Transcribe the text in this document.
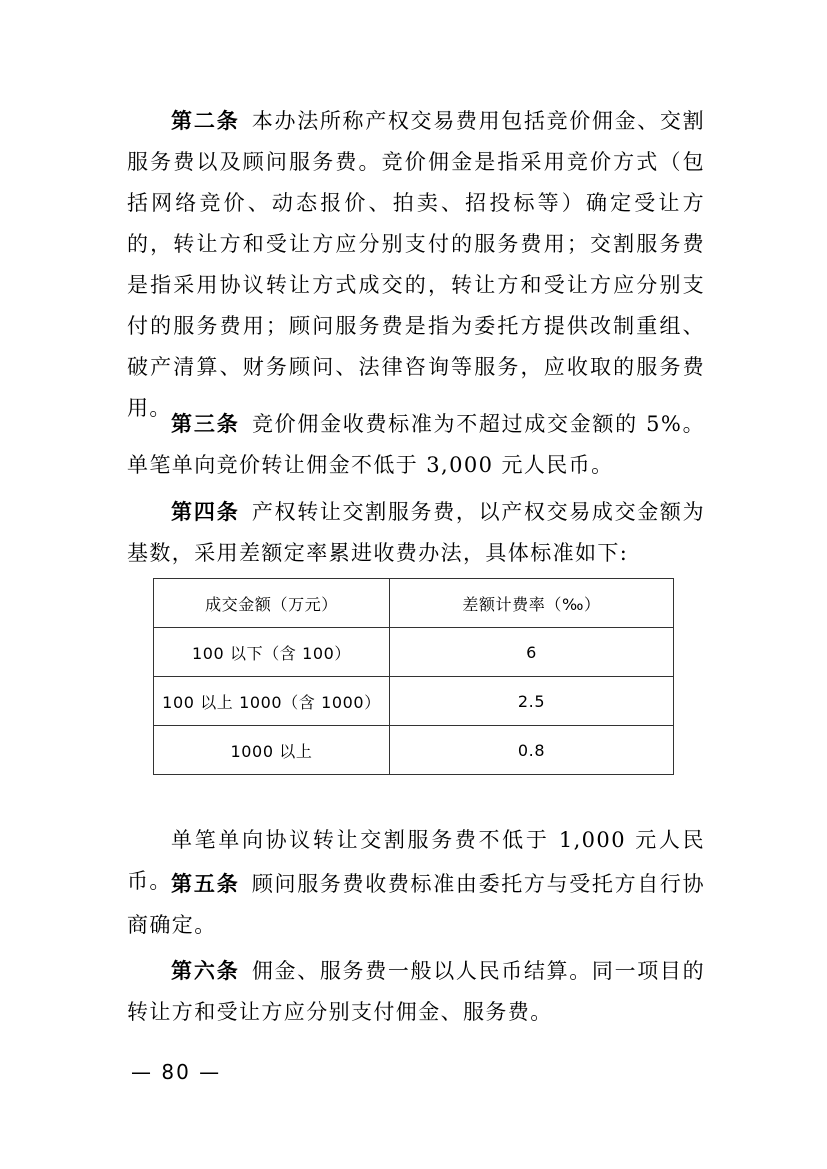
第二条 本办法所称产权交易费用包括竞价佣金、交割服务费以及顾问服务费。竞价佣金是指采用竞价方式（包括网络竞价、动态报价、拍卖、招投标等）确定受让方的，转让方和受让方应分别支付的服务费用；交割服务费是指采用协议转让方式成交的，转让方和受让方应分别支付的服务费用；顾问服务费是指为委托方提供改制重组、破产清算、财务顾问、法律咨询等服务，应收取的服务费用。

第三条 竞价佣金收费标准为不超过成交金额的 5%。单笔单向竞价转让佣金不低于 3,000 元人民币。

第四条 产权转让交割服务费，以产权交易成交金额为基数，采用差额定率累进收费办法，具体标准如下:

成交金额（万元）	差额计费率（‰）
100 以下（含 100）	6
100 以上 1000（含 1000）	2.5
1000 以上	0.8

单笔单向协议转让交割服务费不低于 1,000 元人民币。 第五条 顾问服务费收费标准由委托方与受托方自行协商确定。

第六条 佣金、服务费一般以人民币结算。同一项目的转让方和受让方应分别支付佣金、服务费。

— 80 —
